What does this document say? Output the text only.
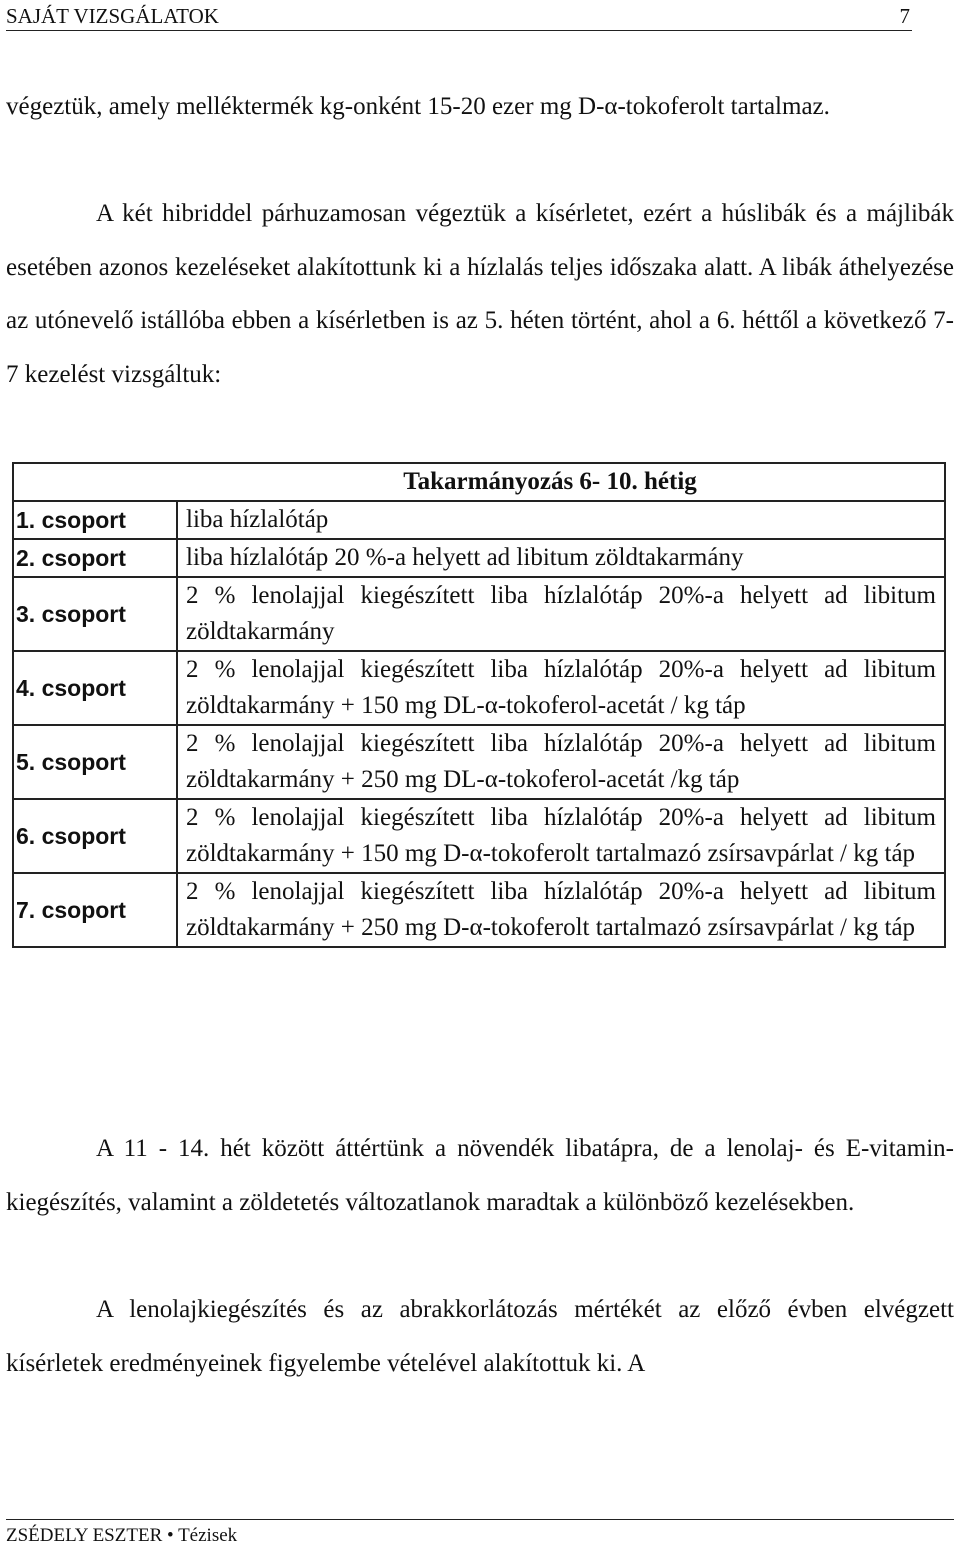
SAJÁT VIZSGÁLATOK	7

végeztük, amely melléktermék kg-onként 15-20 ezer mg D-α-tokoferolt tartalmaz.

A két hibriddel párhuzamosan végeztük a kísérletet, ezért a húslibák és a májlibák esetében azonos kezeléseket alakítottunk ki a hízlalás teljes időszaka alatt. A libák áthelyezése az utónevelő istállóba ebben a kísérletben is az 5. héten történt, ahol a 6. héttől a következő 7-7 kezelést vizsgáltuk:

Takarmányozás 6- 10. hétig	
1. csoport	liba hízlalótáp
2. csoport	liba hízlalótáp 20 %-a helyett ad libitum zöldtakarmány
3. csoport	2 % lenolajjal kiegészített liba hízlalótáp 20%-a helyett ad libitum zöldtakarmány
4. csoport	2 % lenolajjal kiegészített liba hízlalótáp 20%-a helyett ad libitum zöldtakarmány + 150 mg DL-α-tokoferol-acetát / kg táp
5. csoport	2 % lenolajjal kiegészített liba hízlalótáp 20%-a helyett ad libitum zöldtakarmány + 250 mg DL-α-tokoferol-acetát /kg táp
6. csoport	2 % lenolajjal kiegészített liba hízlalótáp 20%-a helyett ad libitum zöldtakarmány + 150 mg D-α-tokoferolt tartalmazó zsírsavpárlat / kg táp
7. csoport	2 % lenolajjal kiegészített liba hízlalótáp 20%-a helyett ad libitum zöldtakarmány + 250 mg D-α-tokoferolt tartalmazó zsírsavpárlat / kg táp

A 11 - 14. hét között áttértünk a növendék libatápra, de a lenolaj- és E-vitamin-kiegészítés, valamint a zöldetetés változatlanok maradtak a különböző kezelésekben.

A lenolajkiegészítés és az abrakkorlátozás mértékét az előző évben elvégzett kísérletek eredményeinek figyelembe vételével alakítottuk ki. A

ZSÉDELY ESZTER • Tézisek
